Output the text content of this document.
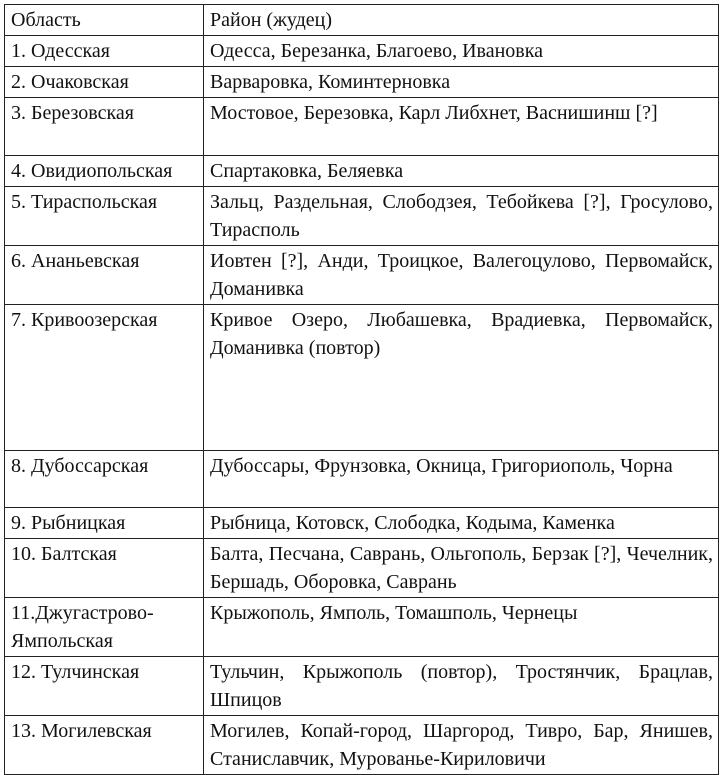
Область	Район (жудец)
1. Одесская	Одесса, Березанка, Благоево, Ивановка
2. Очаковская	Варваровка, Коминтерновка
3. Березовская	Мостовое, Березовка, Карл Либхнет, Васнишинш [?]
4. Овидиопольская	Спартаковка, Беляевка
5. Тираспольская	Зальц, Раздельная, Слободзея, Тебойкева [?], Гросулово, Тирасполь
6. Ананьевская	Иовтен [?], Анди, Троицкое, Валегоцулово, Первомайск, Доманивка
7. Кривоозерская	Кривое Озеро, Любашевка, Врадиевка, Первомайск, Доманивка (повтор)
8. Дубоссарская	Дубоссары, Фрунзовка, Окница, Григориополь, Чорна
9. Рыбницкая	Рыбница, Котовск, Слободка, Кодыма, Каменка
10. Балтская	Балта, Песчана, Саврань, Ольгополь, Берзак [?], Чечелник, Бершадь, Оборовка, Саврань
11.Джугастрово-Ямпольская	Крыжополь, Ямполь, Томашполь, Чернецы
12. Тулчинская	Тульчин, Крыжополь (повтор), Тростянчик, Брацлав, Шпицов
13. Могилевская	Могилев, Копай-город, Шаргород, Тивро, Бар, Янишев, Станиславчик, Мурованье-Кириловичи
